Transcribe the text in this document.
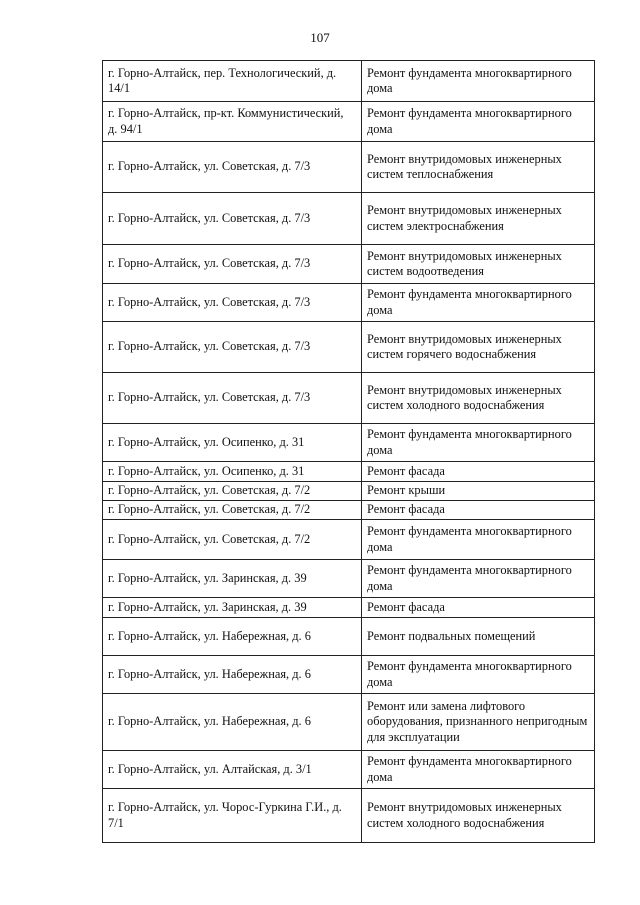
107
г. Горно-Алтайск, пер. Технологический, д. 14/1	Ремонт фундамента многоквартирного дома
г. Горно-Алтайск, пр-кт. Коммунистический, д. 94/1	Ремонт фундамента многоквартирного дома
г. Горно-Алтайск, ул. Советская, д. 7/3	Ремонт внутридомовых инженерных систем теплоснабжения
г. Горно-Алтайск, ул. Советская, д. 7/3	Ремонт внутридомовых инженерных систем электроснабжения
г. Горно-Алтайск, ул. Советская, д. 7/3	Ремонт внутридомовых инженерных систем водоотведения
г. Горно-Алтайск, ул. Советская, д. 7/3	Ремонт фундамента многоквартирного дома
г. Горно-Алтайск, ул. Советская, д. 7/3	Ремонт внутридомовых инженерных систем горячего водоснабжения
г. Горно-Алтайск, ул. Советская, д. 7/3	Ремонт внутридомовых инженерных систем холодного водоснабжения
г. Горно-Алтайск, ул. Осипенко, д. 31	Ремонт фундамента многоквартирного дома
г. Горно-Алтайск, ул. Осипенко, д. 31	Ремонт фасада
г. Горно-Алтайск, ул. Советская, д. 7/2	Ремонт крыши
г. Горно-Алтайск, ул. Советская, д. 7/2	Ремонт фасада
г. Горно-Алтайск, ул. Советская, д. 7/2	Ремонт фундамента многоквартирного дома
г. Горно-Алтайск, ул. Заринская, д. 39	Ремонт фундамента многоквартирного дома
г. Горно-Алтайск, ул. Заринская, д. 39	Ремонт фасада
г. Горно-Алтайск, ул. Набережная, д. 6	Ремонт подвальных помещений
г. Горно-Алтайск, ул. Набережная, д. 6	Ремонт фундамента многоквартирного дома
г. Горно-Алтайск, ул. Набережная, д. 6	Ремонт или замена лифтового оборудования, признанного непригодным для эксплуатации
г. Горно-Алтайск, ул. Алтайская, д. 3/1	Ремонт фундамента многоквартирного дома
г. Горно-Алтайск, ул. Чорос-Гуркина Г.И., д. 7/1	Ремонт внутридомовых инженерных систем холодного водоснабжения
